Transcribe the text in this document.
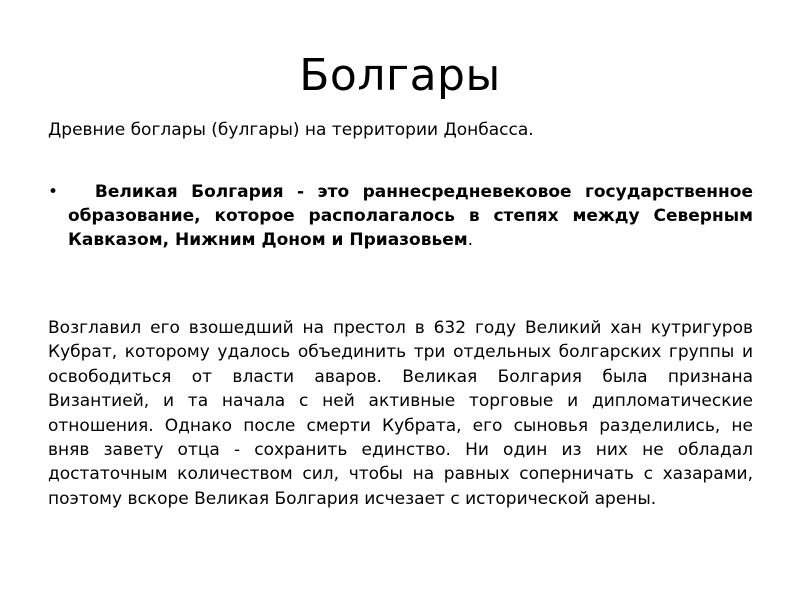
Болгары
Древние боглары (булгары) на территории Донбасса.
• Великая Болгария - это раннесредневековое государственное образование, которое располагалось в степях между Северным Кавказом, Нижним Доном и Приазовьем.
Возглавил его взошедший на престол в 632 году Великий хан кутригуров     Кубрат, которому удалось объединить три отдельных болгарских группы и освободиться от власти аваров. Великая Болгария была признана Византией, и та начала с ней активные торговые и дипломатические отношения. Однако после смерти Кубрата, его сыновья разделились, не вняв завету отца - сохранить единство. Ни один из них не обладал достаточным количеством сил, чтобы на равных соперничать с хазарами, поэтому вскоре Великая Болгария исчезает с исторической арены.
